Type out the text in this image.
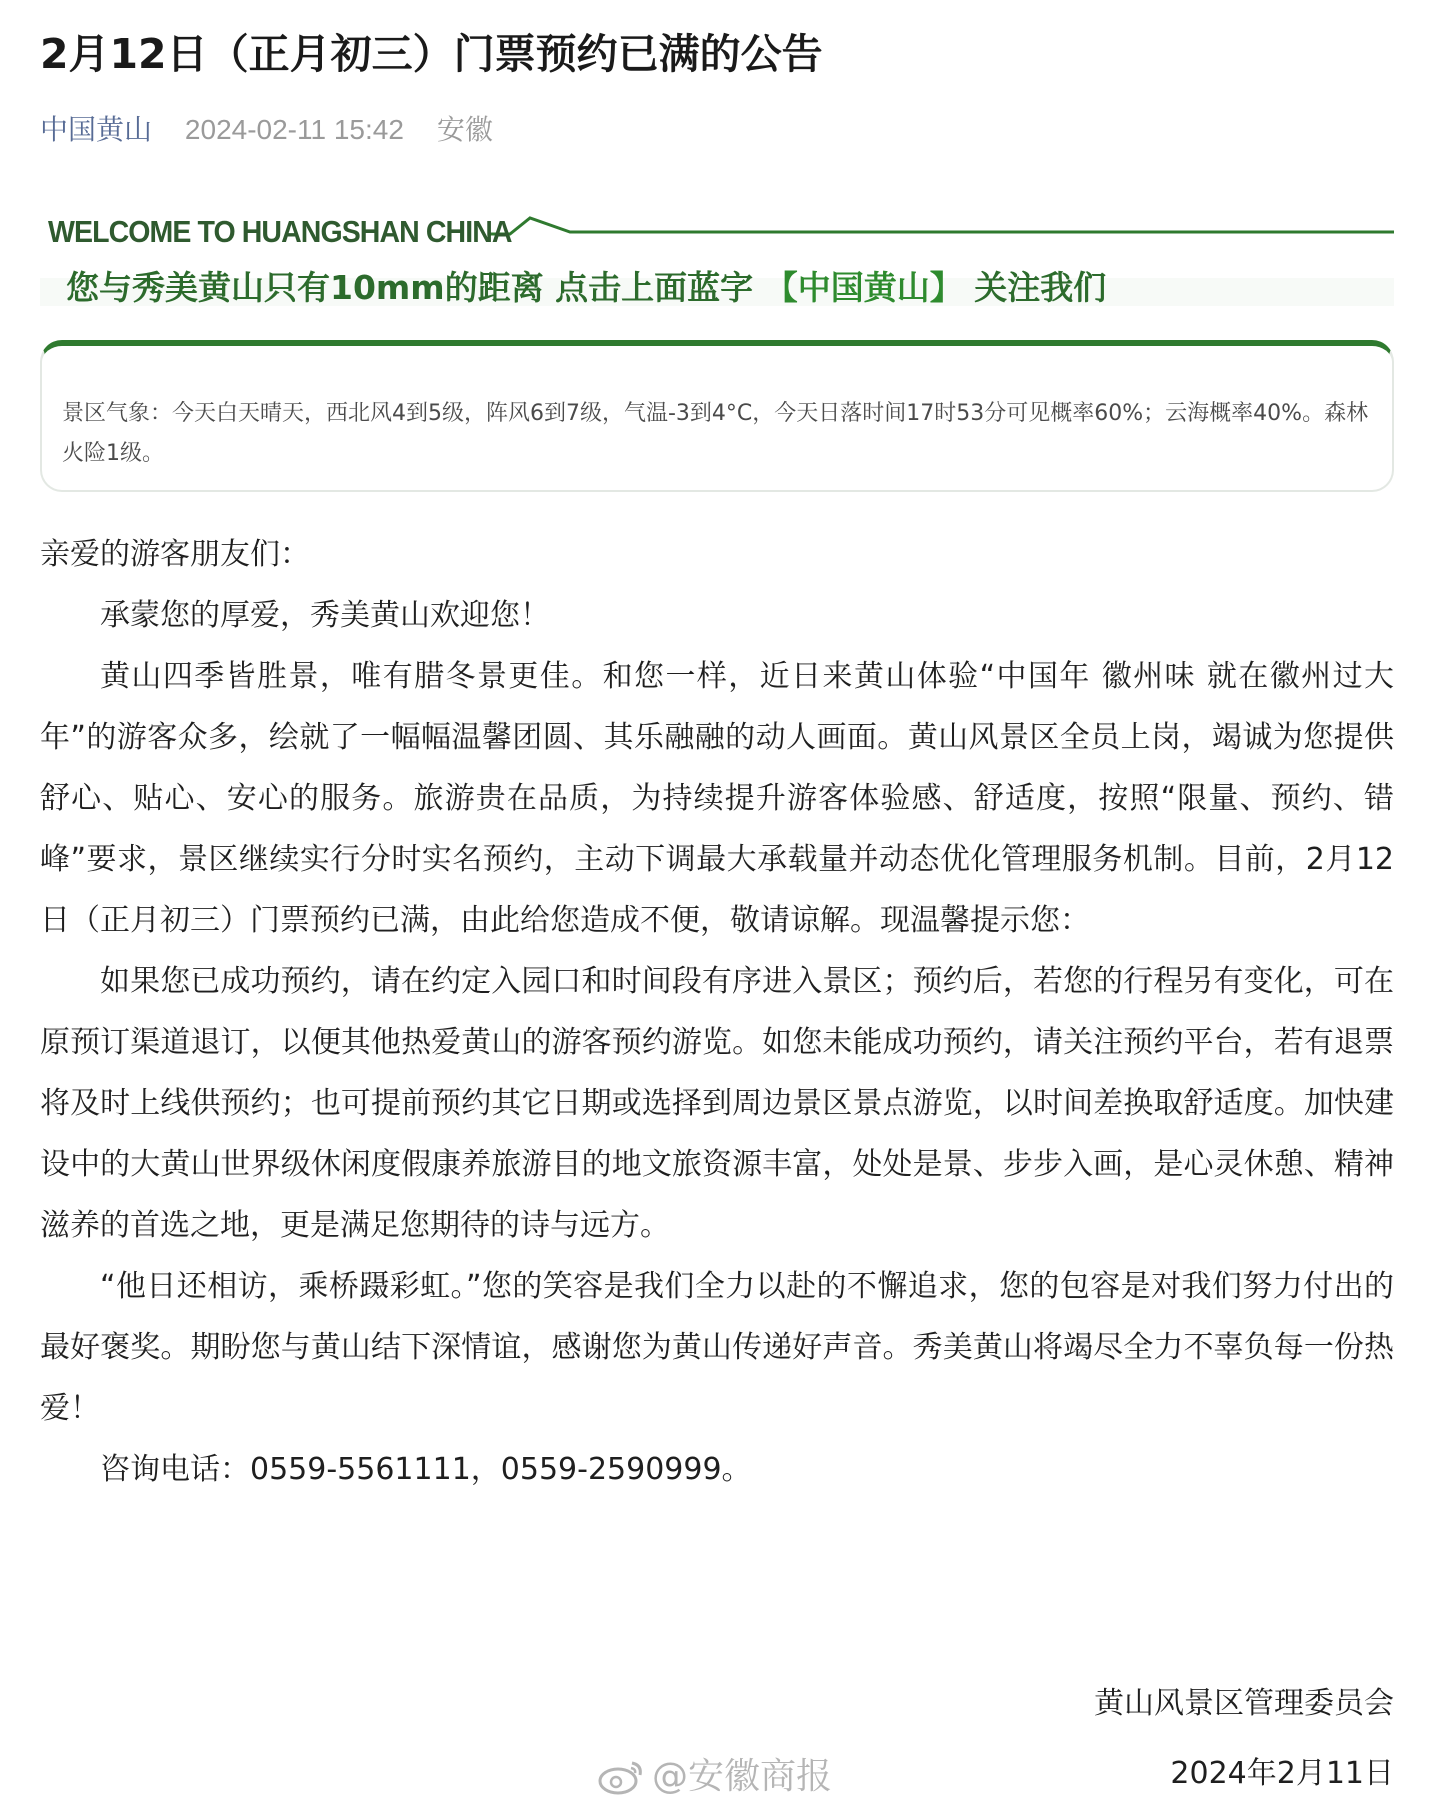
2月12日（正月初三）门票预约已满的公告
中国黄山 2024-02-11 15:42 安徽
WELCOME TO HUANGSHAN CHINA
您与秀美黄山只有10mm的距离 点击上面蓝字 【中国黄山】 关注我们

景区气象：今天白天晴天，西北风4到5级，阵风6到7级，气温-3到4°C，今天日落时间17时53分可见概率60%；云海概率40%。森林火险1级。

亲爱的游客朋友们：

承蒙您的厚爱，秀美黄山欢迎您！

黄山四季皆胜景，唯有腊冬景更佳。和您一样，近日来黄山体验“中国年 徽州味 就在徽州过大年”的游客众多，绘就了一幅幅温馨团圆、其乐融融的动人画面。黄山风景区全员上岗，竭诚为您提供舒心、贴心、安心的服务。旅游贵在品质，为持续提升游客体验感、舒适度，按照“限量、预约、错峰”要求，景区继续实行分时实名预约，主动下调最大承载量并动态优化管理服务机制。目前，2月12日（正月初三）门票预约已满，由此给您造成不便，敬请谅解。现温馨提示您：

如果您已成功预约，请在约定入园口和时间段有序进入景区；预约后，若您的行程另有变化，可在原预订渠道退订，以便其他热爱黄山的游客预约游览。如您未能成功预约，请关注预约平台，若有退票将及时上线供预约；也可提前预约其它日期或选择到周边景区景点游览，以时间差换取舒适度。加快建设中的大黄山世界级休闲度假康养旅游目的地文旅资源丰富，处处是景、步步入画，是心灵休憩、精神滋养的首选之地，更是满足您期待的诗与远方。

“他日还相访，乘桥蹑彩虹。”您的笑容是我们全力以赴的不懈追求，您的包容是对我们努力付出的最好褒奖。期盼您与黄山结下深情谊，感谢您为黄山传递好声音。秀美黄山将竭尽全力不辜负每一份热爱！

咨询电话：0559-5561111，0559-2590999。

黄山风景区管理委员会
2024年2月11日
@安徽商报
